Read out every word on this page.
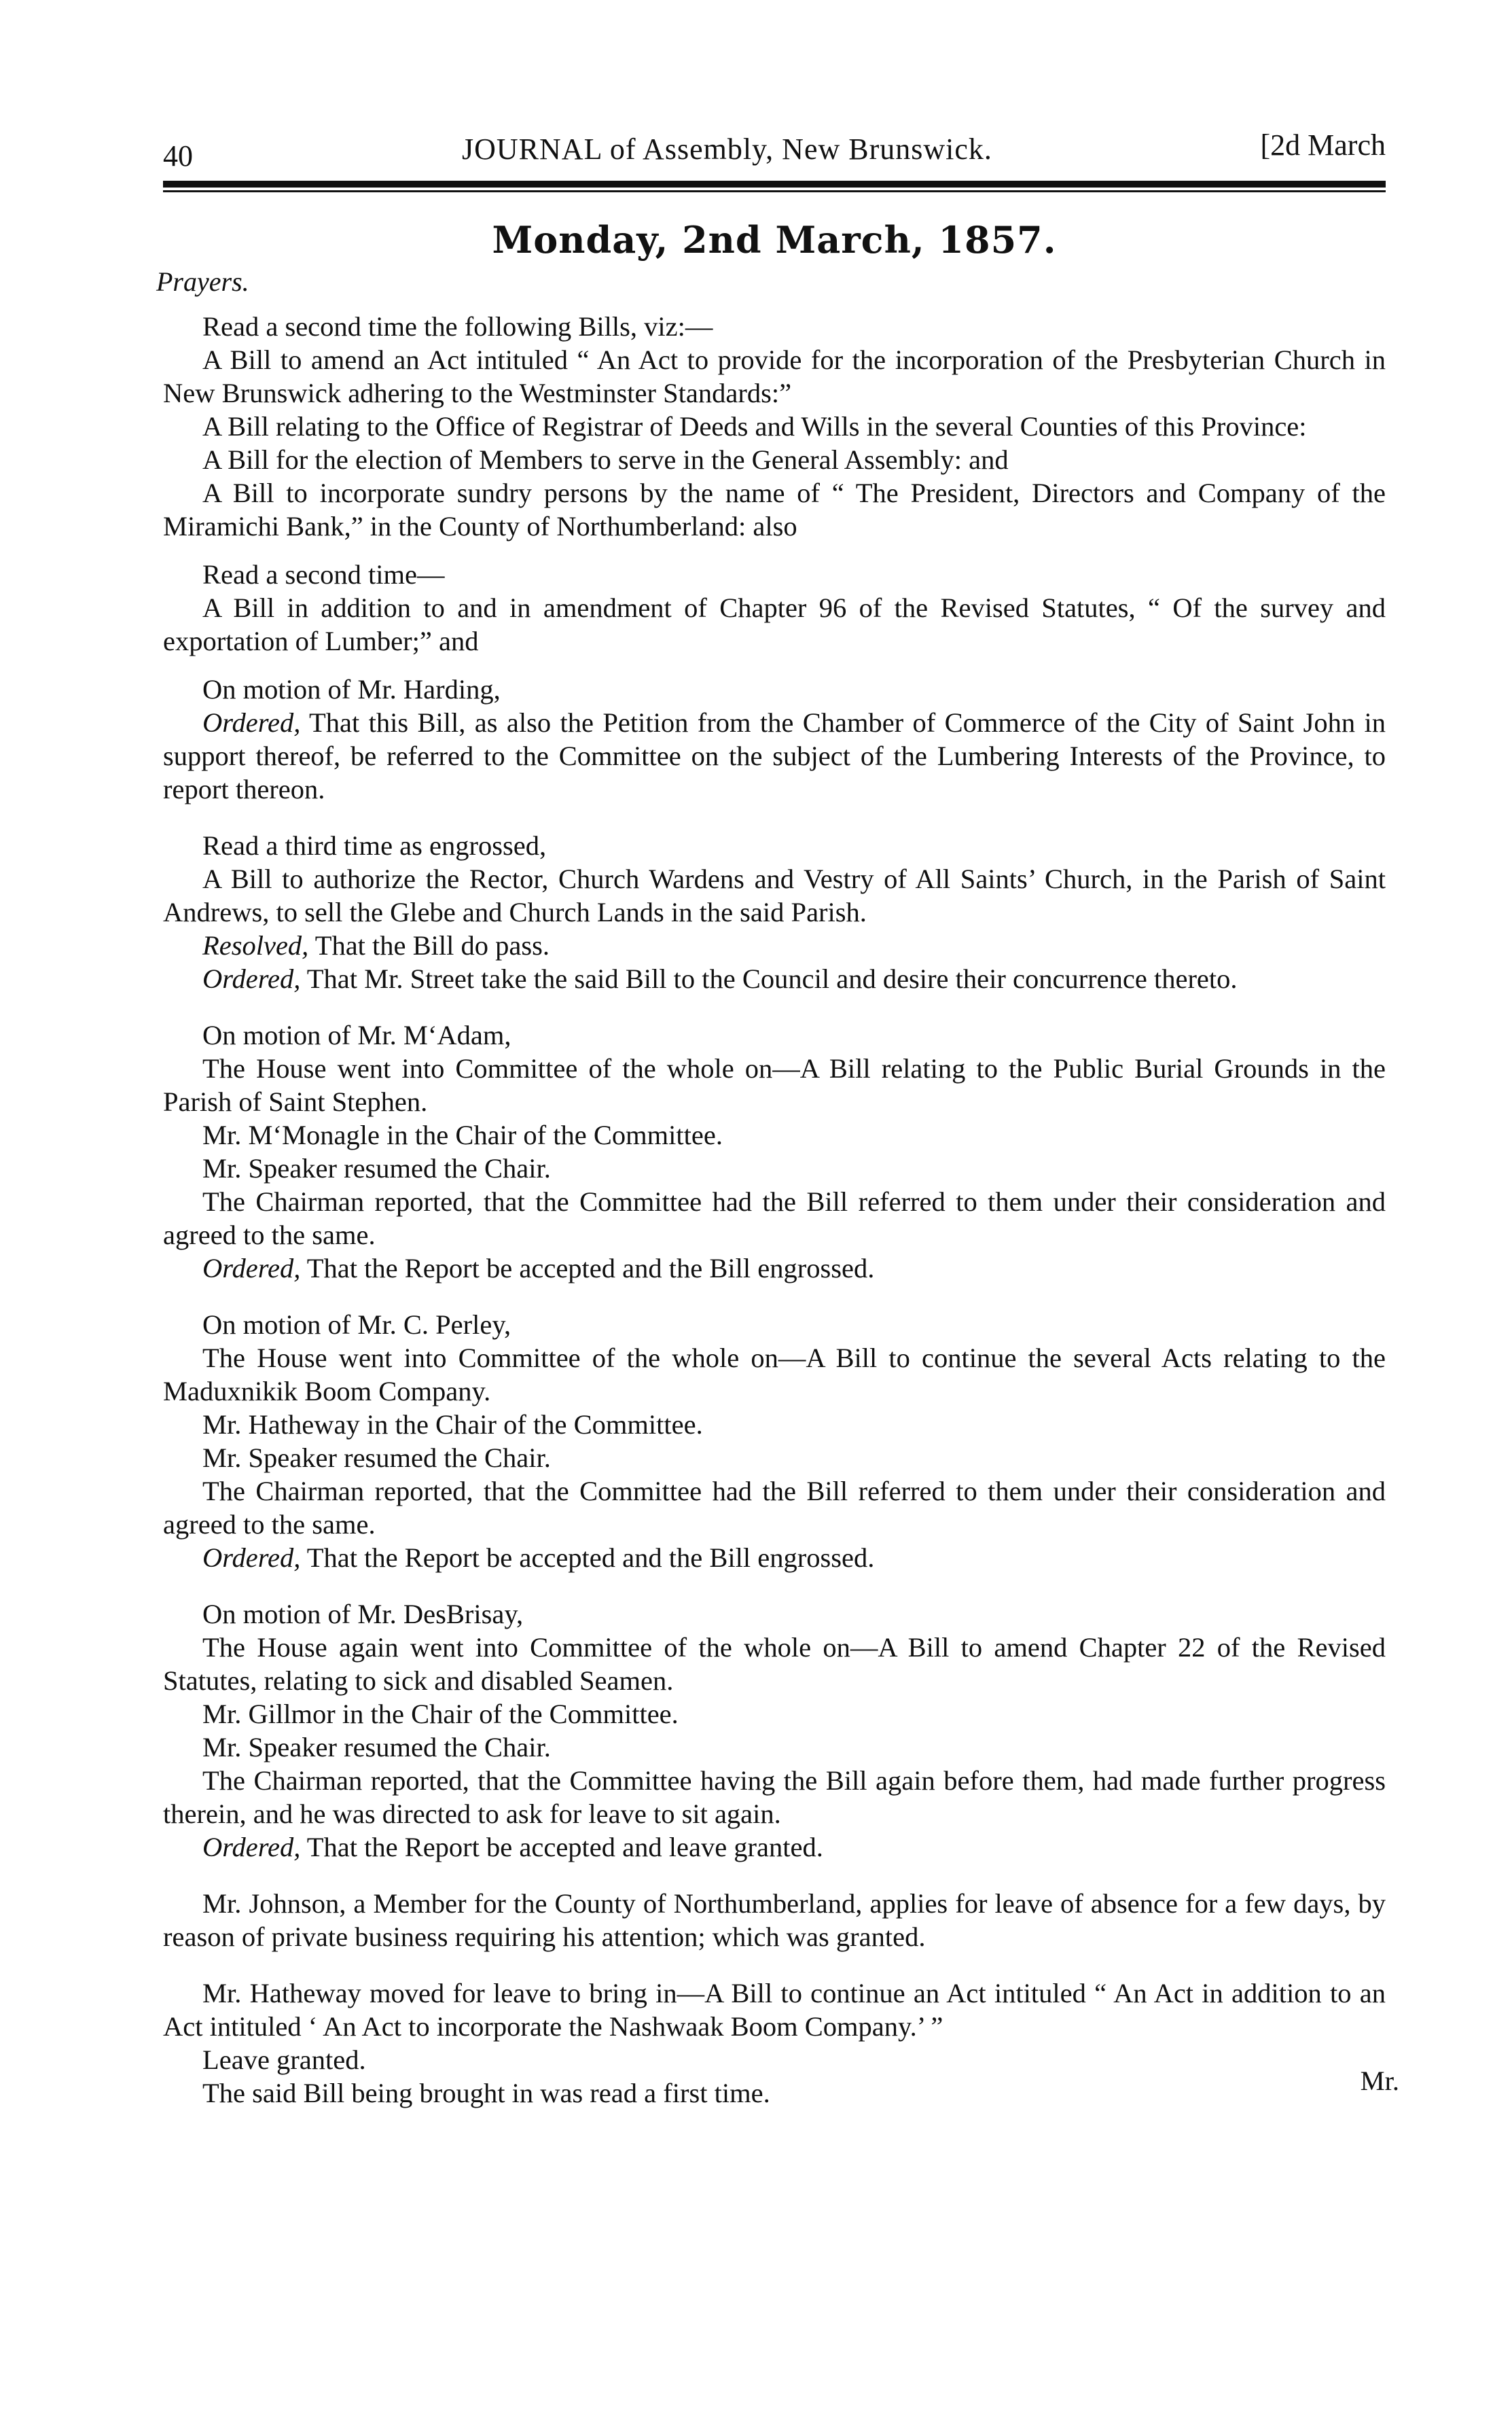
40	JOURNAL of Assembly, New Brunswick.	[2d March
Monday, 2nd March, 1857.
Prayers.

Read a second time the following Bills, viz:—

A Bill to amend an Act intituled “ An Act to provide for the incorporation of the Presbyterian Church in New Brunswick adhering to the Westminster Standards:”

A Bill relating to the Office of Registrar of Deeds and Wills in the several Counties of this Province:

A Bill for the election of Members to serve in the General Assembly: and

A Bill to incorporate sundry persons by the name of “ The President, Directors and Company of the Miramichi Bank,” in the County of Northumberland: also

Read a second time—

A Bill in addition to and in amendment of Chapter 96 of the Revised Statutes, “ Of the survey and exportation of Lumber;” and

On motion of Mr. Harding,

Ordered, That this Bill, as also the Petition from the Chamber of Commerce of the City of Saint John in support thereof, be referred to the Committee on the subject of the Lumbering Interests of the Province, to report thereon.

Read a third time as engrossed,

A Bill to authorize the Rector, Church Wardens and Vestry of All Saints’ Church, in the Parish of Saint Andrews, to sell the Glebe and Church Lands in the said Parish.

Resolved, That the Bill do pass.

Ordered, That Mr. Street take the said Bill to the Council and desire their concurrence thereto.

On motion of Mr. M‘Adam,

The House went into Committee of the whole on—A Bill relating to the Public Burial Grounds in the Parish of Saint Stephen.

Mr. M‘Monagle in the Chair of the Committee.

Mr. Speaker resumed the Chair.

The Chairman reported, that the Committee had the Bill referred to them under their consideration and agreed to the same.

Ordered, That the Report be accepted and the Bill engrossed.

On motion of Mr. C. Perley,

The House went into Committee of the whole on—A Bill to continue the several Acts relating to the Maduxnikik Boom Company.

Mr. Hatheway in the Chair of the Committee.

Mr. Speaker resumed the Chair.

The Chairman reported, that the Committee had the Bill referred to them under their consideration and agreed to the same.

Ordered, That the Report be accepted and the Bill engrossed.

On motion of Mr. DesBrisay,

The House again went into Committee of the whole on—A Bill to amend Chapter 22 of the Revised Statutes, relating to sick and disabled Seamen.

Mr. Gillmor in the Chair of the Committee.

Mr. Speaker resumed the Chair.

The Chairman reported, that the Committee having the Bill again before them, had made further progress therein, and he was directed to ask for leave to sit again.

Ordered, That the Report be accepted and leave granted.

Mr. Johnson, a Member for the County of Northumberland, applies for leave of absence for a few days, by reason of private business requiring his attention; which was granted.

Mr. Hatheway moved for leave to bring in—A Bill to continue an Act intituled “ An Act in addition to an Act intituled ‘ An Act to incorporate the Nashwaak Boom Company.’ ”

Leave granted.

The said Bill being brought in was read a first time.	Mr.
